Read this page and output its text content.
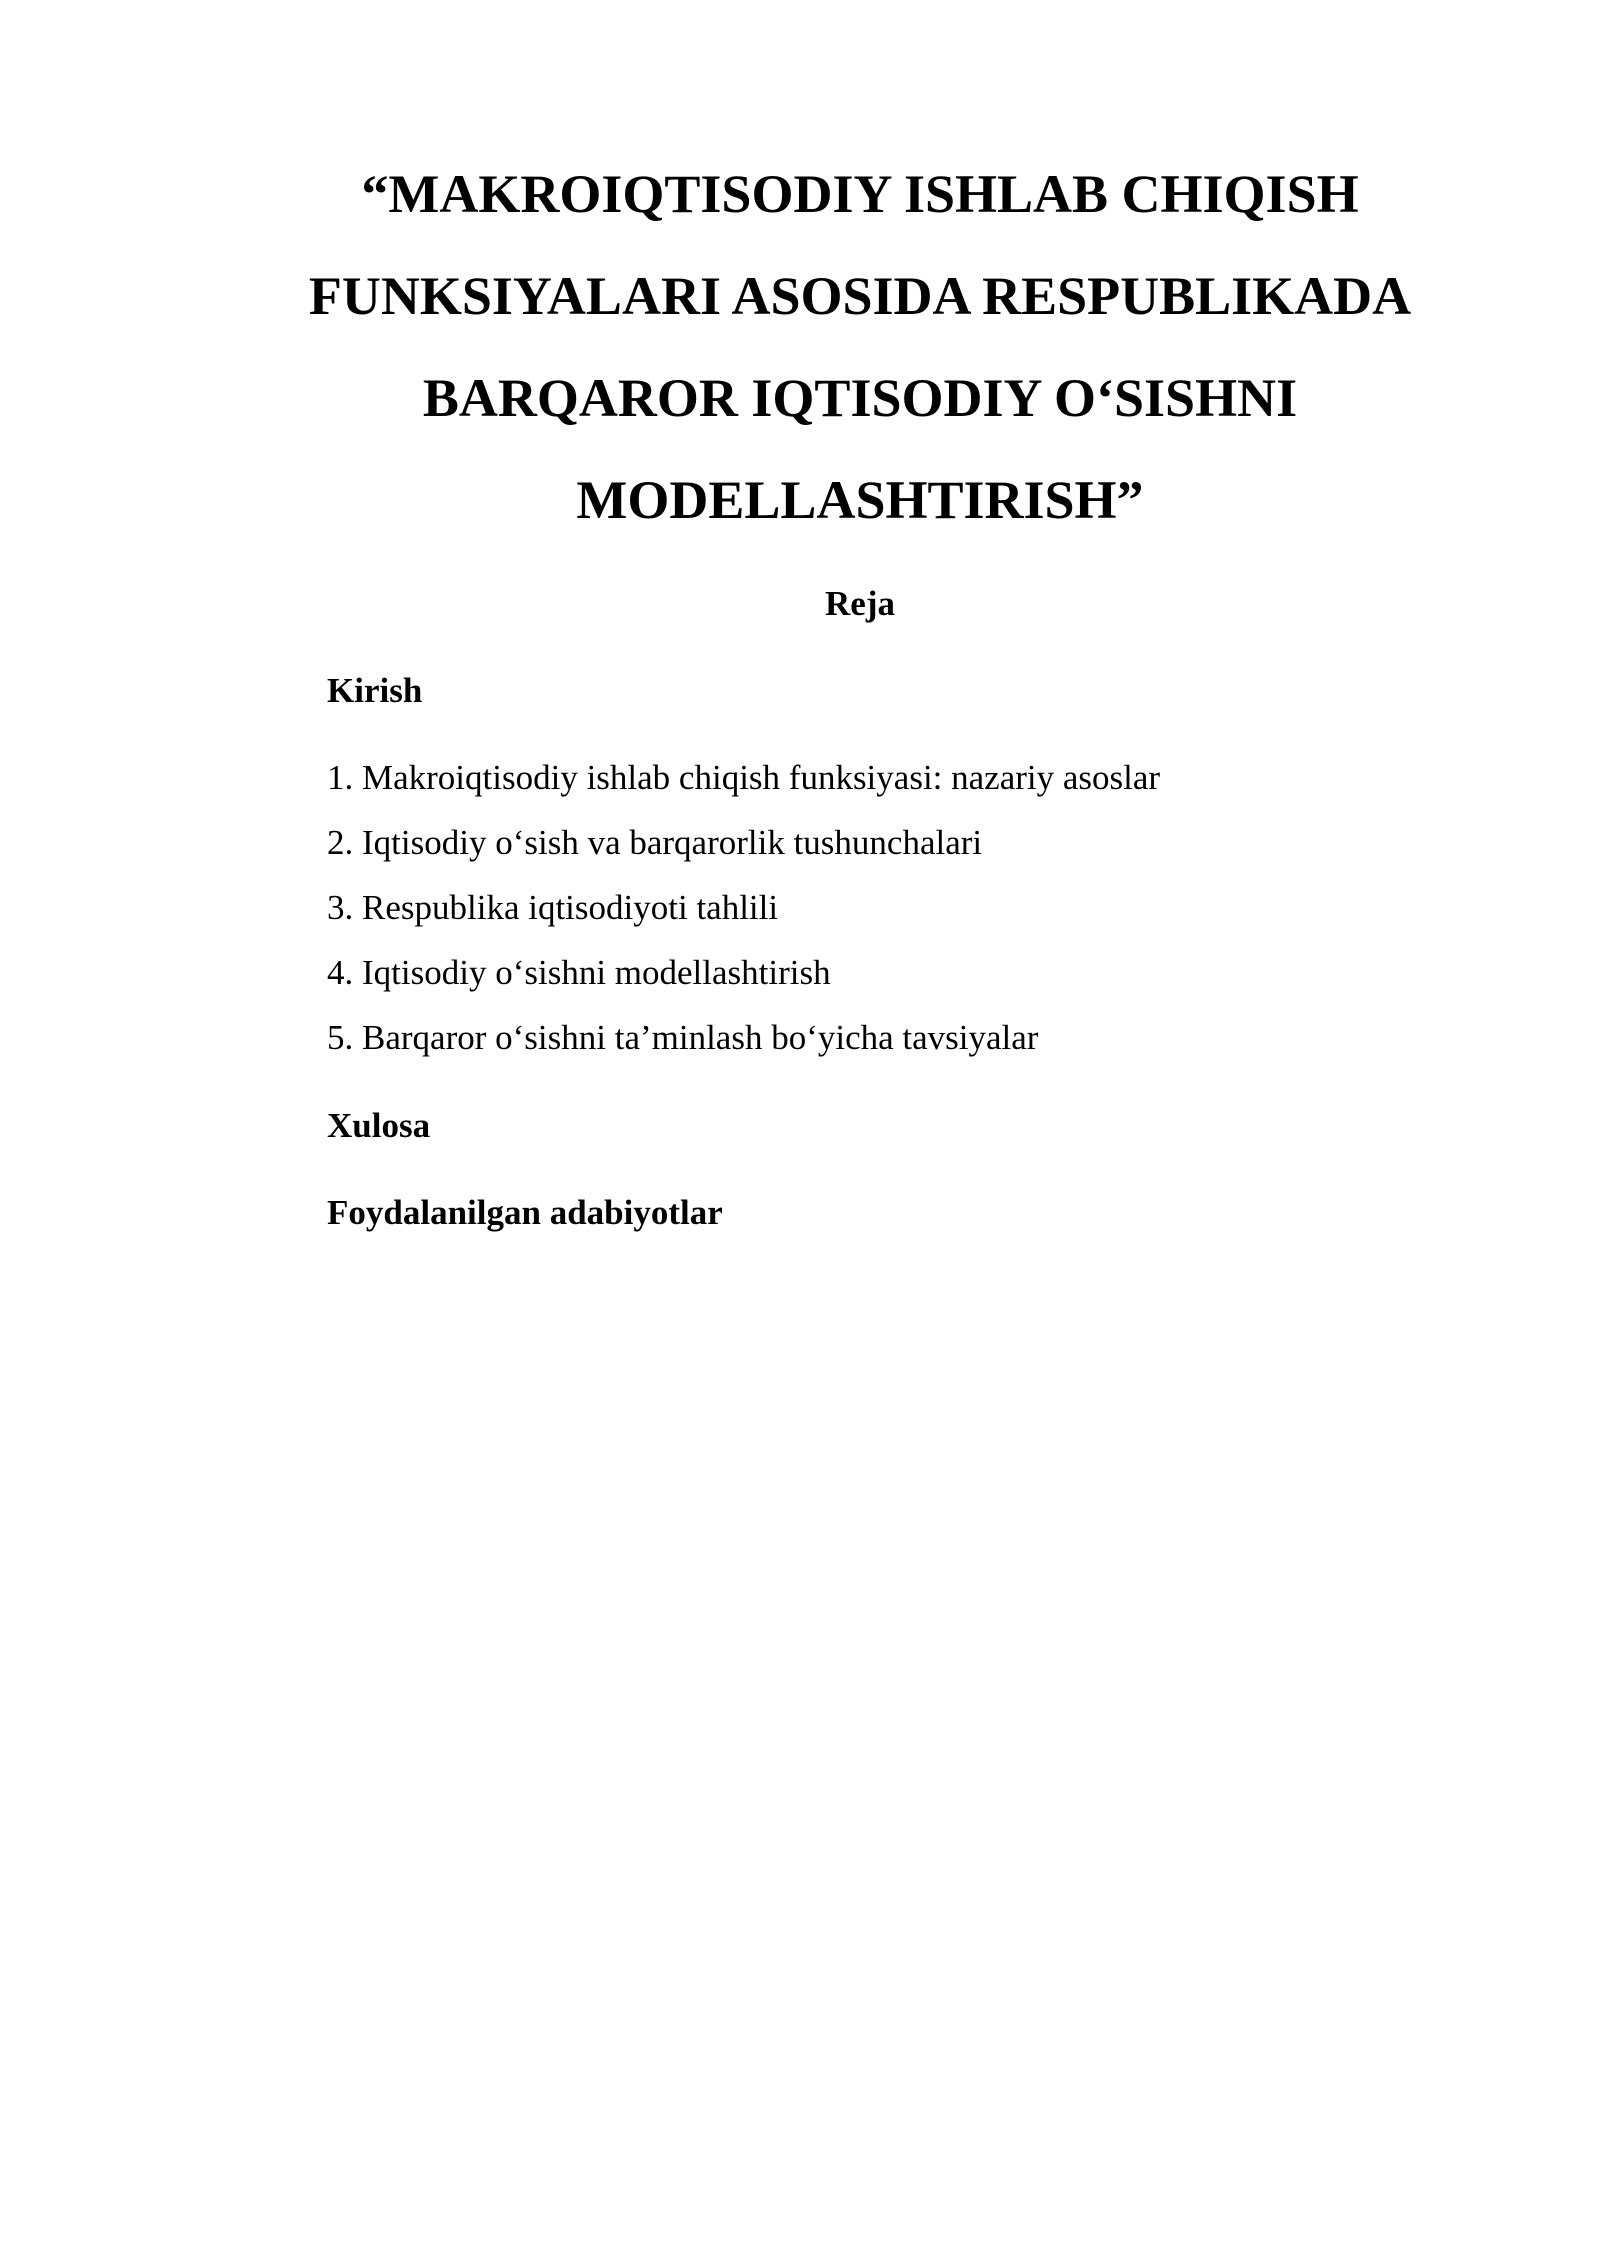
“MAKROIQTISODIY ISHLAB CHIQISH
FUNKSIYALARI ASOSIDA RESPUBLIKADA
BARQAROR IQTISODIY O‘SISHNI
MODELLASHTIRISH”
Reja
Kirish
1. Makroiqtisodiy ishlab chiqish funksiyasi: nazariy asoslar
2. Iqtisodiy o‘sish va barqarorlik tushunchalari
3. Respublika iqtisodiyoti tahlili
4. Iqtisodiy o‘sishni modellashtirish
5. Barqaror o‘sishni ta’minlash bo‘yicha tavsiyalar
Xulosa
Foydalanilgan adabiyotlar
